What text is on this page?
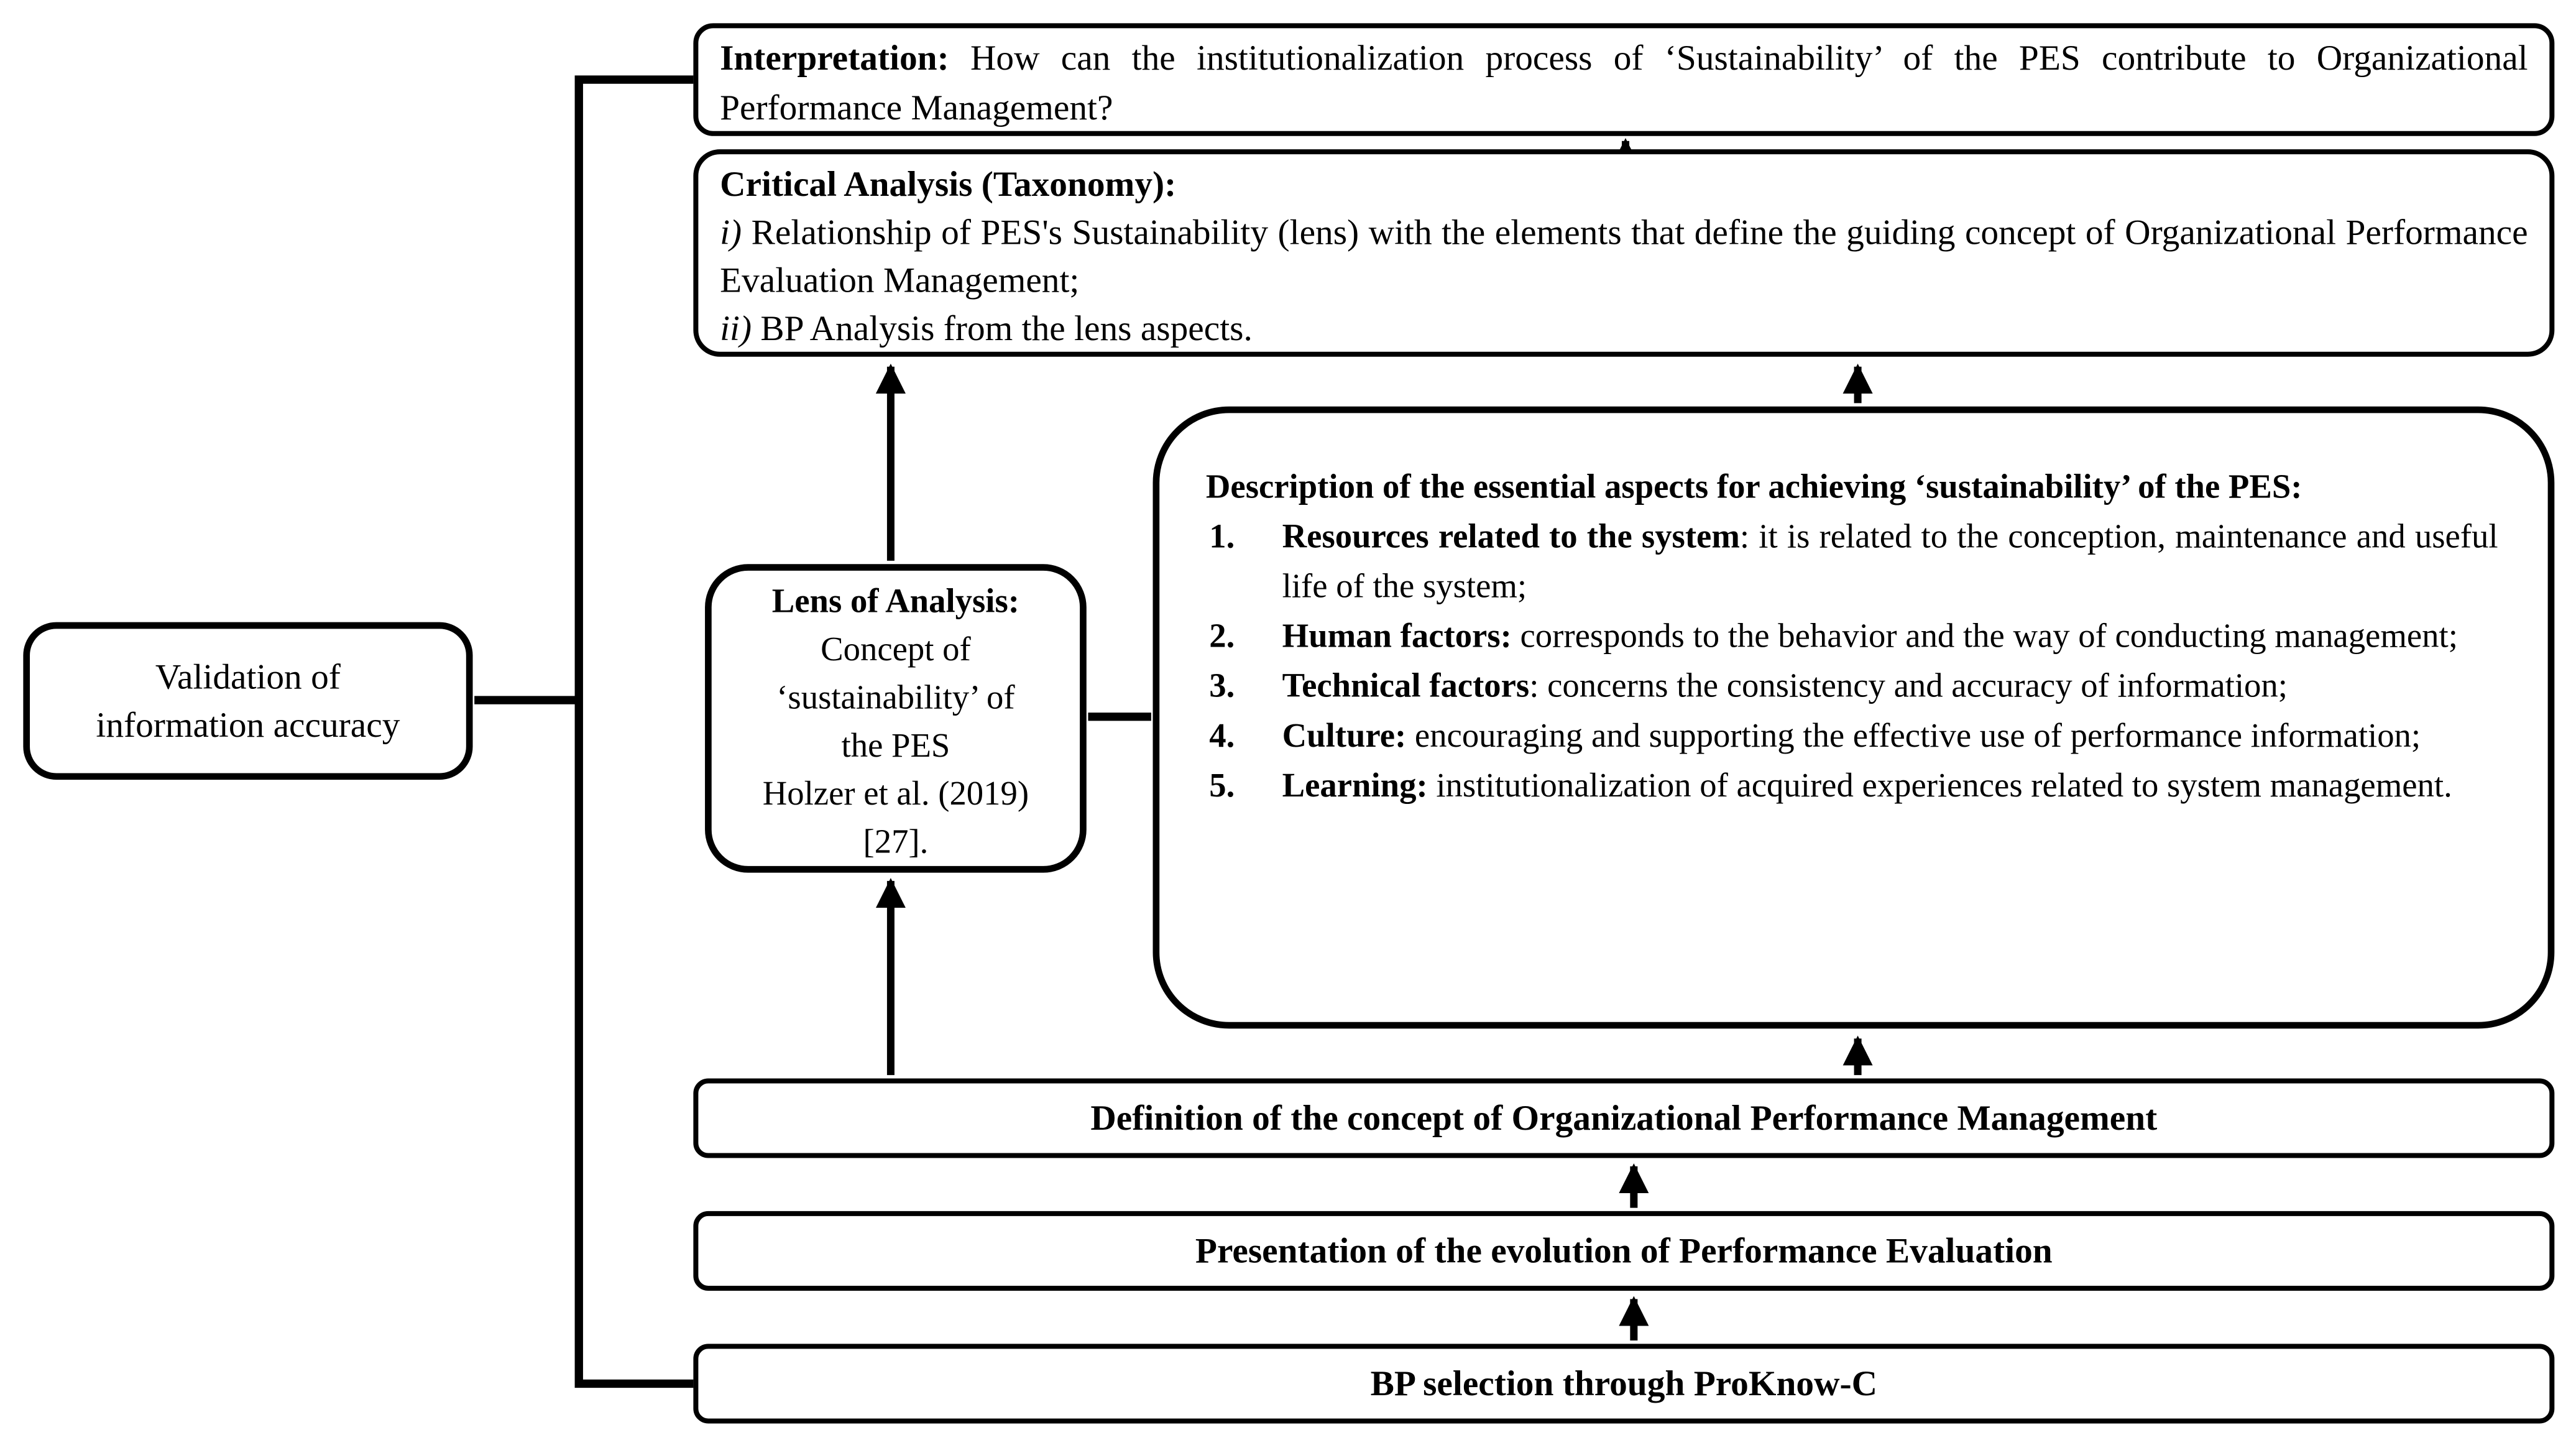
Interpretation: How can the institutionalization process of ‘Sustainability’ of the PES contribute to Organizational Performance Management?

Critical Analysis (Taxonomy):

i) Relationship of PES's Sustainability (lens) with the elements that define the guiding concept of Organizational Performance Evaluation Management;

ii) BP Analysis from the lens aspects.

Validation of
information accuracy

Lens of Analysis:

Concept of

‘sustainability’ of

the PES

Holzer et al. (2019)

[27].

Description of the essential aspects for achieving ‘sustainability’ of the PES:

1.	Resources related to the system: it is related to the conception, maintenance and useful life of the system;

2.	Human factors: corresponds to the behavior and the way of conducting management;

3.	Technical factors: concerns the consistency and accuracy of information;

4.	Culture: encouraging and supporting the effective use of performance information;

5.	Learning: institutionalization of acquired experiences related to system management.

Definition of the concept of Organizational Performance Management
Presentation of the evolution of Performance Evaluation
BP selection through ProKnow-C
